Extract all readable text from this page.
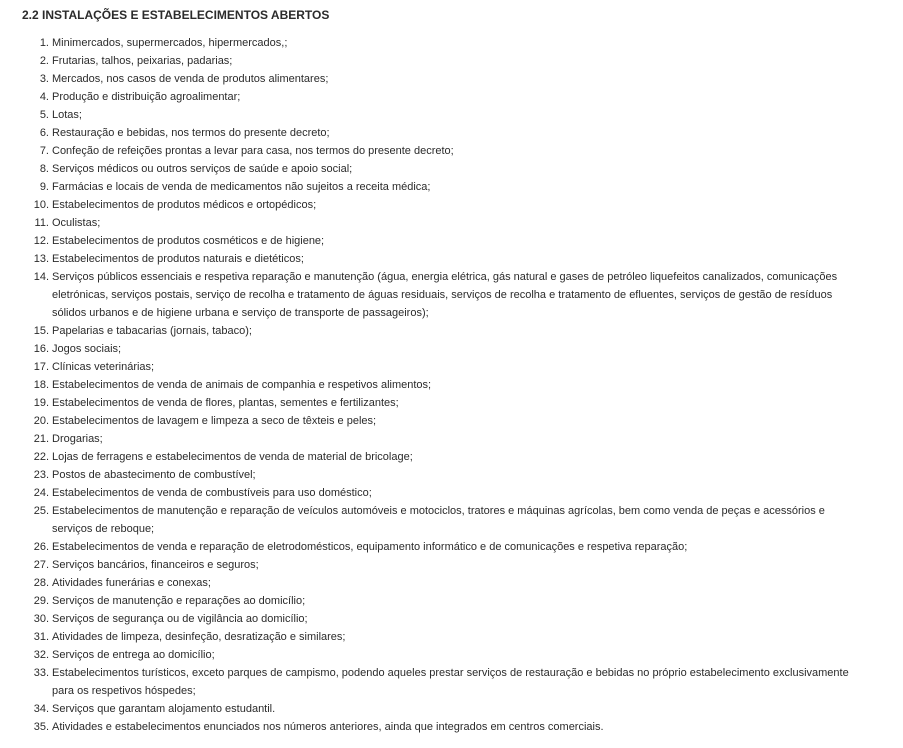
2.2 INSTALAÇÕES E ESTABELECIMENTOS ABERTOS
1. Minimercados, supermercados, hipermercados,;
2. Frutarias, talhos, peixarias, padarias;
3. Mercados, nos casos de venda de produtos alimentares;
4. Produção e distribuição agroalimentar;
5. Lotas;
6. Restauração e bebidas, nos termos do presente decreto;
7. Confeção de refeições prontas a levar para casa, nos termos do presente decreto;
8. Serviços médicos ou outros serviços de saúde e apoio social;
9. Farmácias e locais de venda de medicamentos não sujeitos a receita médica;
10. Estabelecimentos de produtos médicos e ortopédicos;
11. Oculistas;
12. Estabelecimentos de produtos cosméticos e de higiene;
13. Estabelecimentos de produtos naturais e dietéticos;
14. Serviços públicos essenciais e respetiva reparação e manutenção (água, energia elétrica, gás natural e gases de petróleo liquefeitos canalizados, comunicações eletrónicas, serviços postais, serviço de recolha e tratamento de águas residuais, serviços de recolha e tratamento de efluentes, serviços de gestão de resíduos sólidos urbanos e de higiene urbana e serviço de transporte de passageiros);
15. Papelarias e tabacarias (jornais, tabaco);
16. Jogos sociais;
17. Clínicas veterinárias;
18. Estabelecimentos de venda de animais de companhia e respetivos alimentos;
19. Estabelecimentos de venda de flores, plantas, sementes e fertilizantes;
20. Estabelecimentos de lavagem e limpeza a seco de têxteis e peles;
21. Drogarias;
22. Lojas de ferragens e estabelecimentos de venda de material de bricolage;
23. Postos de abastecimento de combustível;
24. Estabelecimentos de venda de combustíveis para uso doméstico;
25. Estabelecimentos de manutenção e reparação de veículos automóveis e motociclos, tratores e máquinas agrícolas, bem como venda de peças e acessórios e serviços de reboque;
26. Estabelecimentos de venda e reparação de eletrodomésticos, equipamento informático e de comunicações e respetiva reparação;
27. Serviços bancários, financeiros e seguros;
28. Atividades funerárias e conexas;
29. Serviços de manutenção e reparações ao domicílio;
30. Serviços de segurança ou de vigilância ao domicílio;
31. Atividades de limpeza, desinfeção, desratização e similares;
32. Serviços de entrega ao domicílio;
33. Estabelecimentos turísticos, exceto parques de campismo, podendo aqueles prestar serviços de restauração e bebidas no próprio estabelecimento exclusivamente para os respetivos hóspedes;
34. Serviços que garantam alojamento estudantil.
35. Atividades e estabelecimentos enunciados nos números anteriores, ainda que integrados em centros comerciais.
